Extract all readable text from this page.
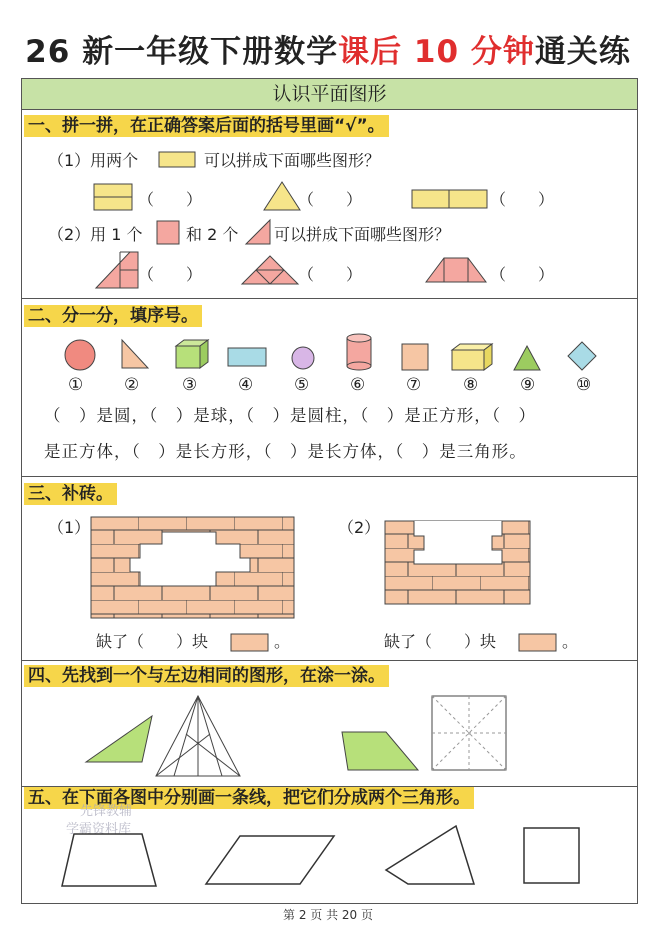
26 新一年级下册数学课后 10 分钟通关练
认识平面图形
一、拼一拼，在正确答案后面的括号里画“√”。
（1）用两个	可以拼成下面哪些图形？
（　　）	（　　）	（　　）
（2）用 1 个	和 2 个 可以拼成下面哪些图形？
（　　）	（　　）	（　　）
二、分一分，填序号。
① ②	③ ④ ⑤ ⑥ ⑦ ⑧ ⑨ ⑩
（　）是圆，（　）是球，（　）是圆柱，（　）是正方形，（　）
是正方体，（　）是长方形，（　）是长方体，（　）是三角形。
三、补砖。
（1）	（2）
缺了（　　）块	。	缺了（　　）块	。
四、先找到一个与左边相同的图形，在涂一涂。
五、在下面各图中分别画一条线，把它们分成两个三角形。
先锋教辅
学霸资料库
第 2 页 共 20 页
